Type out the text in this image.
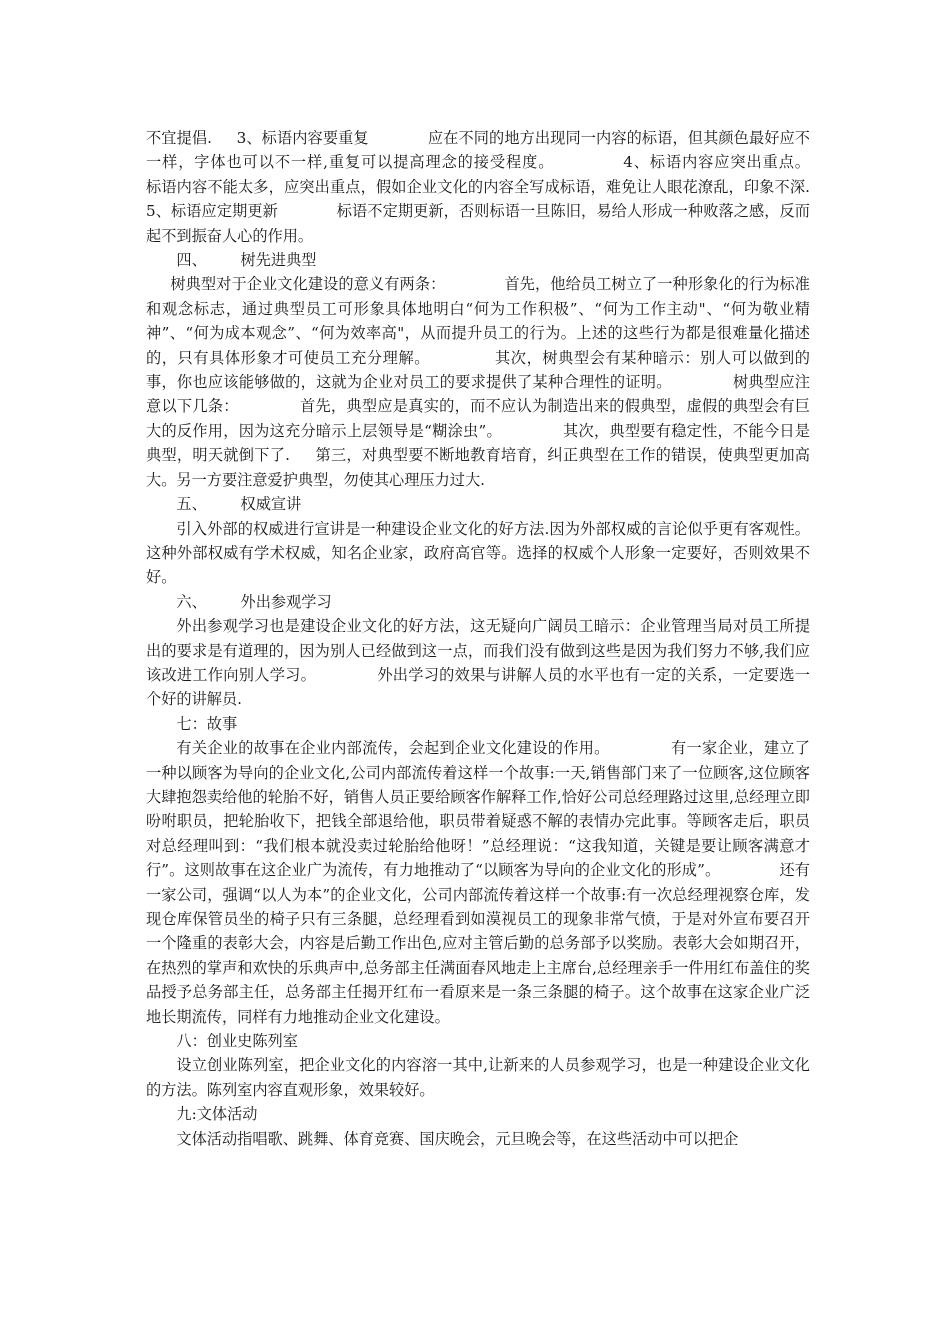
不宜提倡.     3、标语内容要重复            应在不同的地方出现同一内容的标语，但其颜色最好应不一样，字体也可以不一样,重复可以提高理念的接受程度。            4、标语内容应突出重点。            标语内容不能太多，应突出重点，假如企业文化的内容全写成标语，难免让人眼花潦乱，印象不深.     5、标语应定期更新            标语不定期更新，否则标语一旦陈旧，易给人形成一种败落之感，反而起不到振奋人心的作用。

四、       树先进典型

树典型对于企业文化建设的意义有两条：            首先，他给员工树立了一种形象化的行为标准和观念标志，通过典型员工可形象具体地明白“何为工作积极”、“何为工作主动"、“何为敬业精神”、“何为成本观念”、“何为效率高"，从而提升员工的行为。上述的这些行为都是很难量化描述的，只有具体形象才可使员工充分理解。            其次，树典型会有某种暗示：别人可以做到的事，你也应该能够做的，这就为企业对员工的要求提供了某种合理性的证明。            树典型应注意以下几条：            首先，典型应是真实的，而不应认为制造出来的假典型，虚假的典型会有巨大的反作用，因为这充分暗示上层领导是“糊涂虫”。            其次，典型要有稳定性，不能今日是典型，明天就倒下了.     第三，对典型要不断地教育培育，纠正典型在工作的错误，使典型更加高大。另一方要注意爱护典型，勿使其心理压力过大.

五、       权威宣讲

引入外部的权威进行宣讲是一种建设企业文化的好方法.因为外部权威的言论似乎更有客观性。这种外部权威有学术权威，知名企业家，政府高官等。选择的权威个人形象一定要好，否则效果不好。

六、       外出参观学习

外出参观学习也是建设企业文化的好方法，这无疑向广阔员工暗示：企业管理当局对员工所提出的要求是有道理的，因为别人已经做到这一点，而我们没有做到这些是因为我们努力不够,我们应该改进工作向别人学习。            外出学习的效果与讲解人员的水平也有一定的关系，一定要选一个好的讲解员.

七：故事

有关企业的故事在企业内部流传，会起到企业文化建设的作用。            有一家企业，建立了一种以顾客为导向的企业文化,公司内部流传着这样一个故事:一天,销售部门来了一位顾客,这位顾客大肆抱怨卖给他的轮胎不好，销售人员正要给顾客作解释工作,恰好公司总经理路过这里,总经理立即吩咐职员，把轮胎收下，把钱全部退给他，职员带着疑惑不解的表情办完此事。等顾客走后，职员对总经理叫到：“我们根本就没卖过轮胎给他呀！”总经理说：“这我知道，关键是要让顾客满意才行”。这则故事在这企业广为流传，有力地推动了“以顾客为导向的企业文化的形成”。            还有一家公司，强调“以人为本”的企业文化，公司内部流传着这样一个故事:有一次总经理视察仓库，发现仓库保管员坐的椅子只有三条腿，总经理看到如漠视员工的现象非常气愤，于是对外宣布要召开一个隆重的表彰大会，内容是后勤工作出色,应对主管后勤的总务部予以奖励。表彰大会如期召开，在热烈的掌声和欢快的乐典声中,总务部主任满面春风地走上主席台,总经理亲手一件用红布盖住的奖品授予总务部主任，总务部主任揭开红布一看原来是一条三条腿的椅子。这个故事在这家企业广泛地长期流传，同样有力地推动企业文化建设。

八：创业史陈列室

设立创业陈列室，把企业文化的内容溶一其中,让新来的人员参观学习，也是一种建设企业文化的方法。陈列室内容直观形象，效果较好。

九:文体活动

文体活动指唱歌、跳舞、体育竞赛、国庆晚会，元旦晚会等，在这些活动中可以把企
